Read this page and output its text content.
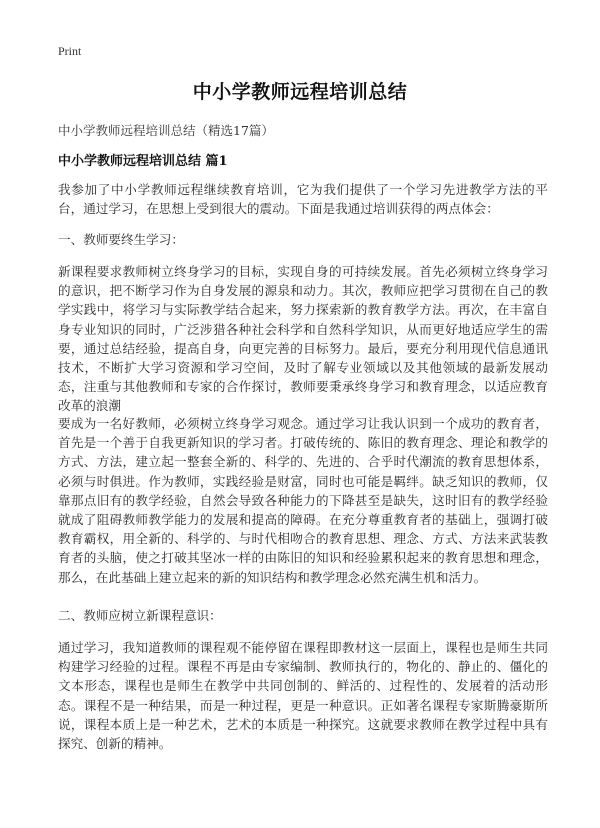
Print
中小学教师远程培训总结
中小学教师远程培训总结（精选17篇）
中小学教师远程培训总结 篇1

我参加了中小学教师远程继续教育培训，它为我们提供了一个学习先进教学方法的平台，通过学习，在思想上受到很大的震动。下面是我通过培训获得的两点体会：

一、教师要终生学习：

新课程要求教师树立终身学习的目标，实现自身的可持续发展。首先必须树立终身学习的意识，把不断学习作为自身发展的源泉和动力。其次，教师应把学习贯彻在自己的教学实践中，将学习与实际教学结合起来，努力探索新的教育教学方法。再次，在丰富自身专业知识的同时，广泛涉猎各种社会科学和自然科学知识，从而更好地适应学生的需要，通过总结经验，提高自身，向更完善的目标努力。最后，要充分利用现代信息通讯技术，不断扩大学习资源和学习空间，及时了解专业领域以及其他领域的最新发展动态，注重与其他教师和专家的合作探讨，教师要秉承终身学习和教育理念，以适应教育改革的浪潮

要成为一名好教师，必须树立终身学习观念。通过学习让我认识到一个成功的教育者，首先是一个善于自我更新知识的学习者。打破传统的、陈旧的教育理念、理论和教学的方式、方法，建立起一整套全新的、科学的、先进的、合乎时代潮流的教育思想体系，必须与时俱进。作为教师，实践经验是财富，同时也可能是羁绊。缺乏知识的教师，仅靠那点旧有的教学经验，自然会导致各种能力的下降甚至是缺失，这时旧有的教学经验就成了阻碍教师教学能力的发展和提高的障碍。在充分尊重教育者的基础上，强调打破教育霸权，用全新的、科学的、与时代相吻合的教育思想、理念、方式、方法来武装教育者的头脑，使之打破其坚冰一样的由陈旧的知识和经验累积起来的教育思想和理念，那么，在此基础上建立起来的新的知识结构和教学理念必然充满生机和活力。

二、教师应树立新课程意识：

通过学习，我知道教师的课程观不能停留在课程即教材这一层面上，课程也是师生共同构建学习经验的过程。课程不再是由专家编制、教师执行的，物化的、静止的、僵化的文本形态，课程也是师生在教学中共同创制的、鲜活的、过程性的、发展着的活动形态。课程不是一种结果，而是一种过程，更是一种意识。正如著名课程专家斯腾豪斯所说，课程本质上是一种艺术，艺术的本质是一种探究。这就要求教师在教学过程中具有探究、创新的精神。
